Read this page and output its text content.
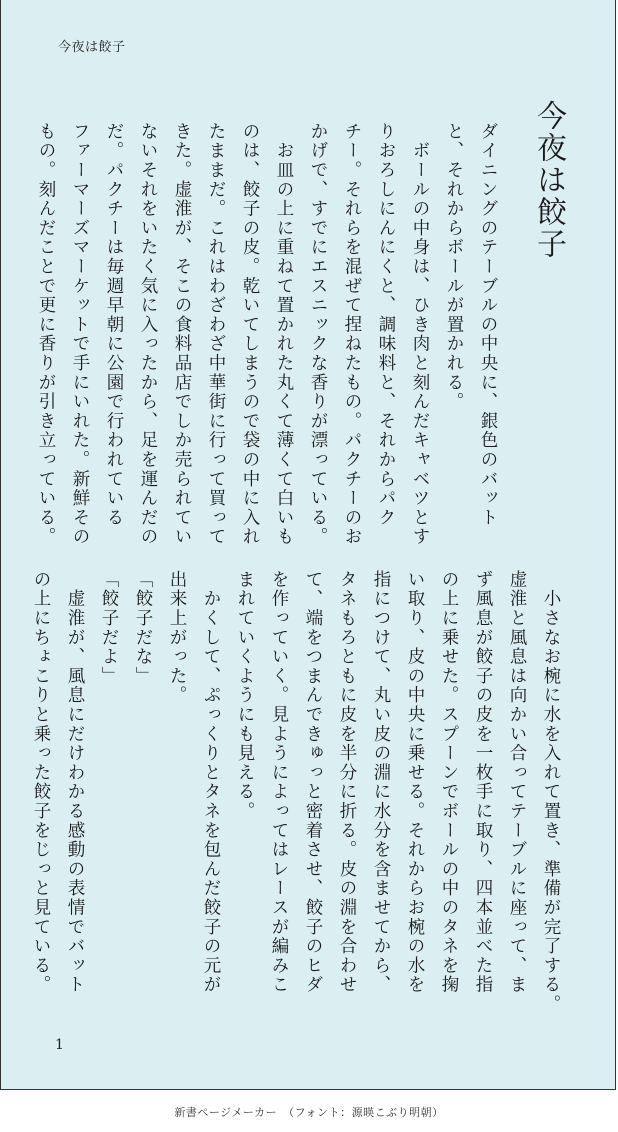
今夜は餃子
今夜は餃子

ダイニングのテーブルの中央に、銀色のバット

と、それからボールが置かれる。

　ボールの中身は、ひき肉と刻んだキャベツとす

りおろしにんにくと、調味料と、それからパク

チー。それらを混ぜて捏ねたもの。パクチーのお

かげで、すでにエスニックな香りが漂っている。

　お皿の上に重ねて置かれた丸くて薄くて白いも

のは、餃子の皮。乾いてしまうので袋の中に入れ

たままだ。これはわざわざ中華街に行って買って

きた。虚淮が、そこの食料品店でしか売られてい

ないそれをいたく気に入ったから、足を運んだの

だ。パクチーは毎週早朝に公園で行われている

ファーマーズマーケットで手にいれた。新鮮その

もの。刻んだことで更に香りが引き立っている。

　小さなお椀に水を入れて置き、準備が完了する。

虚淮と風息は向かい合ってテーブルに座って、ま

ず風息が餃子の皮を一枚手に取り、四本並べた指

の上に乗せた。スプーンでボールの中のタネを掬

い取り、皮の中央に乗せる。それからお椀の水を

指につけて、丸い皮の淵に水分を含ませてから、

タネもろともに皮を半分に折る。皮の淵を合わせ

て、端をつまんできゅっと密着させ、餃子のヒダ

を作っていく。見ようによってはレースが編みこ

まれていくようにも見える。

　かくして、ぷっくりとタネを包んだ餃子の元が

出来上がった。

「餃子だな」

「餃子だよ」

　虚淮が、風息にだけわかる感動の表情でバット

の上にちょこりと乗った餃子をじっと見ている。

1
新書ページメーカー　（フォント：源暎こぶり明朝）
